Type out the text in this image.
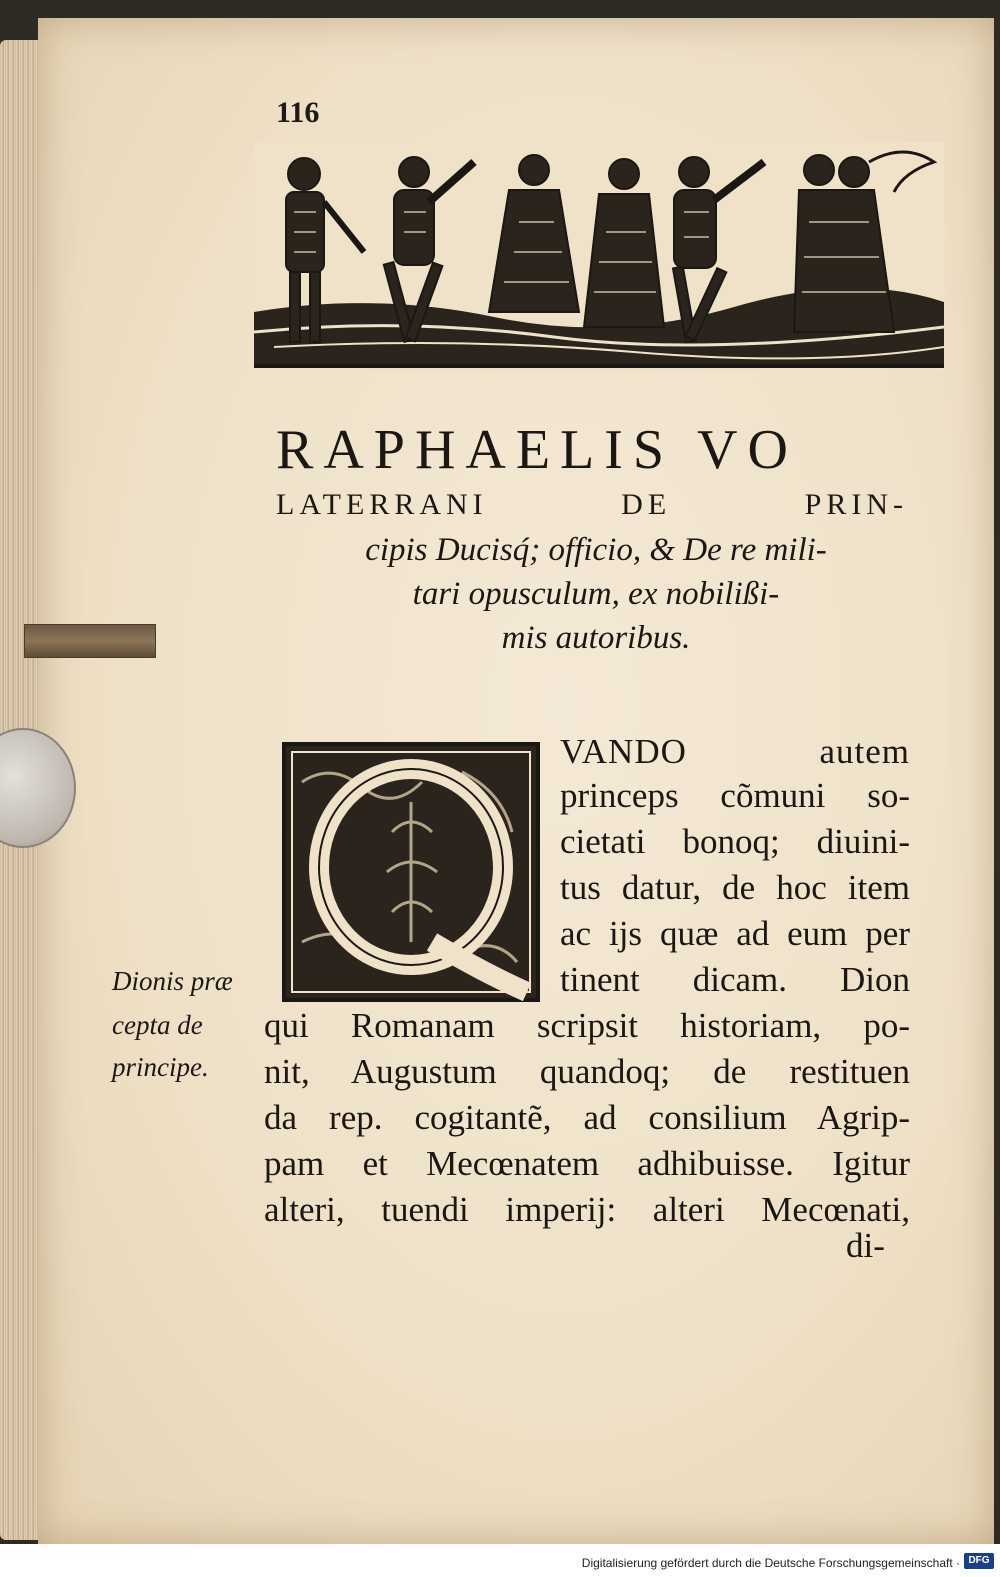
116
RAPHAELIS VO
LATERRANI	DE	PRIN-
cipis Ducisq́; officio, & De re mili-
tari opusculum, ex nobilißi-
mis autoribus.
VANDO autem
princeps cõmuni so-
cietati bonoq; diuini-
tus datur, de hoc item
ac ijs quæ ad eum per
tinent dicam. Dion
qui Romanam scripsit historiam, po-
nit, Augustum quandoq; de restituen
da rep. cogitantẽ, ad consilium Agrip-
pam et Mecœnatem adhibuisse. Igitur
alteri, tuendi imperij: alteri Mecœnati,
di-
Dionis præ
cepta de
principe.
Digitalisierung gefördert durch die Deutsche Forschungsgemeinschaft · DFG
